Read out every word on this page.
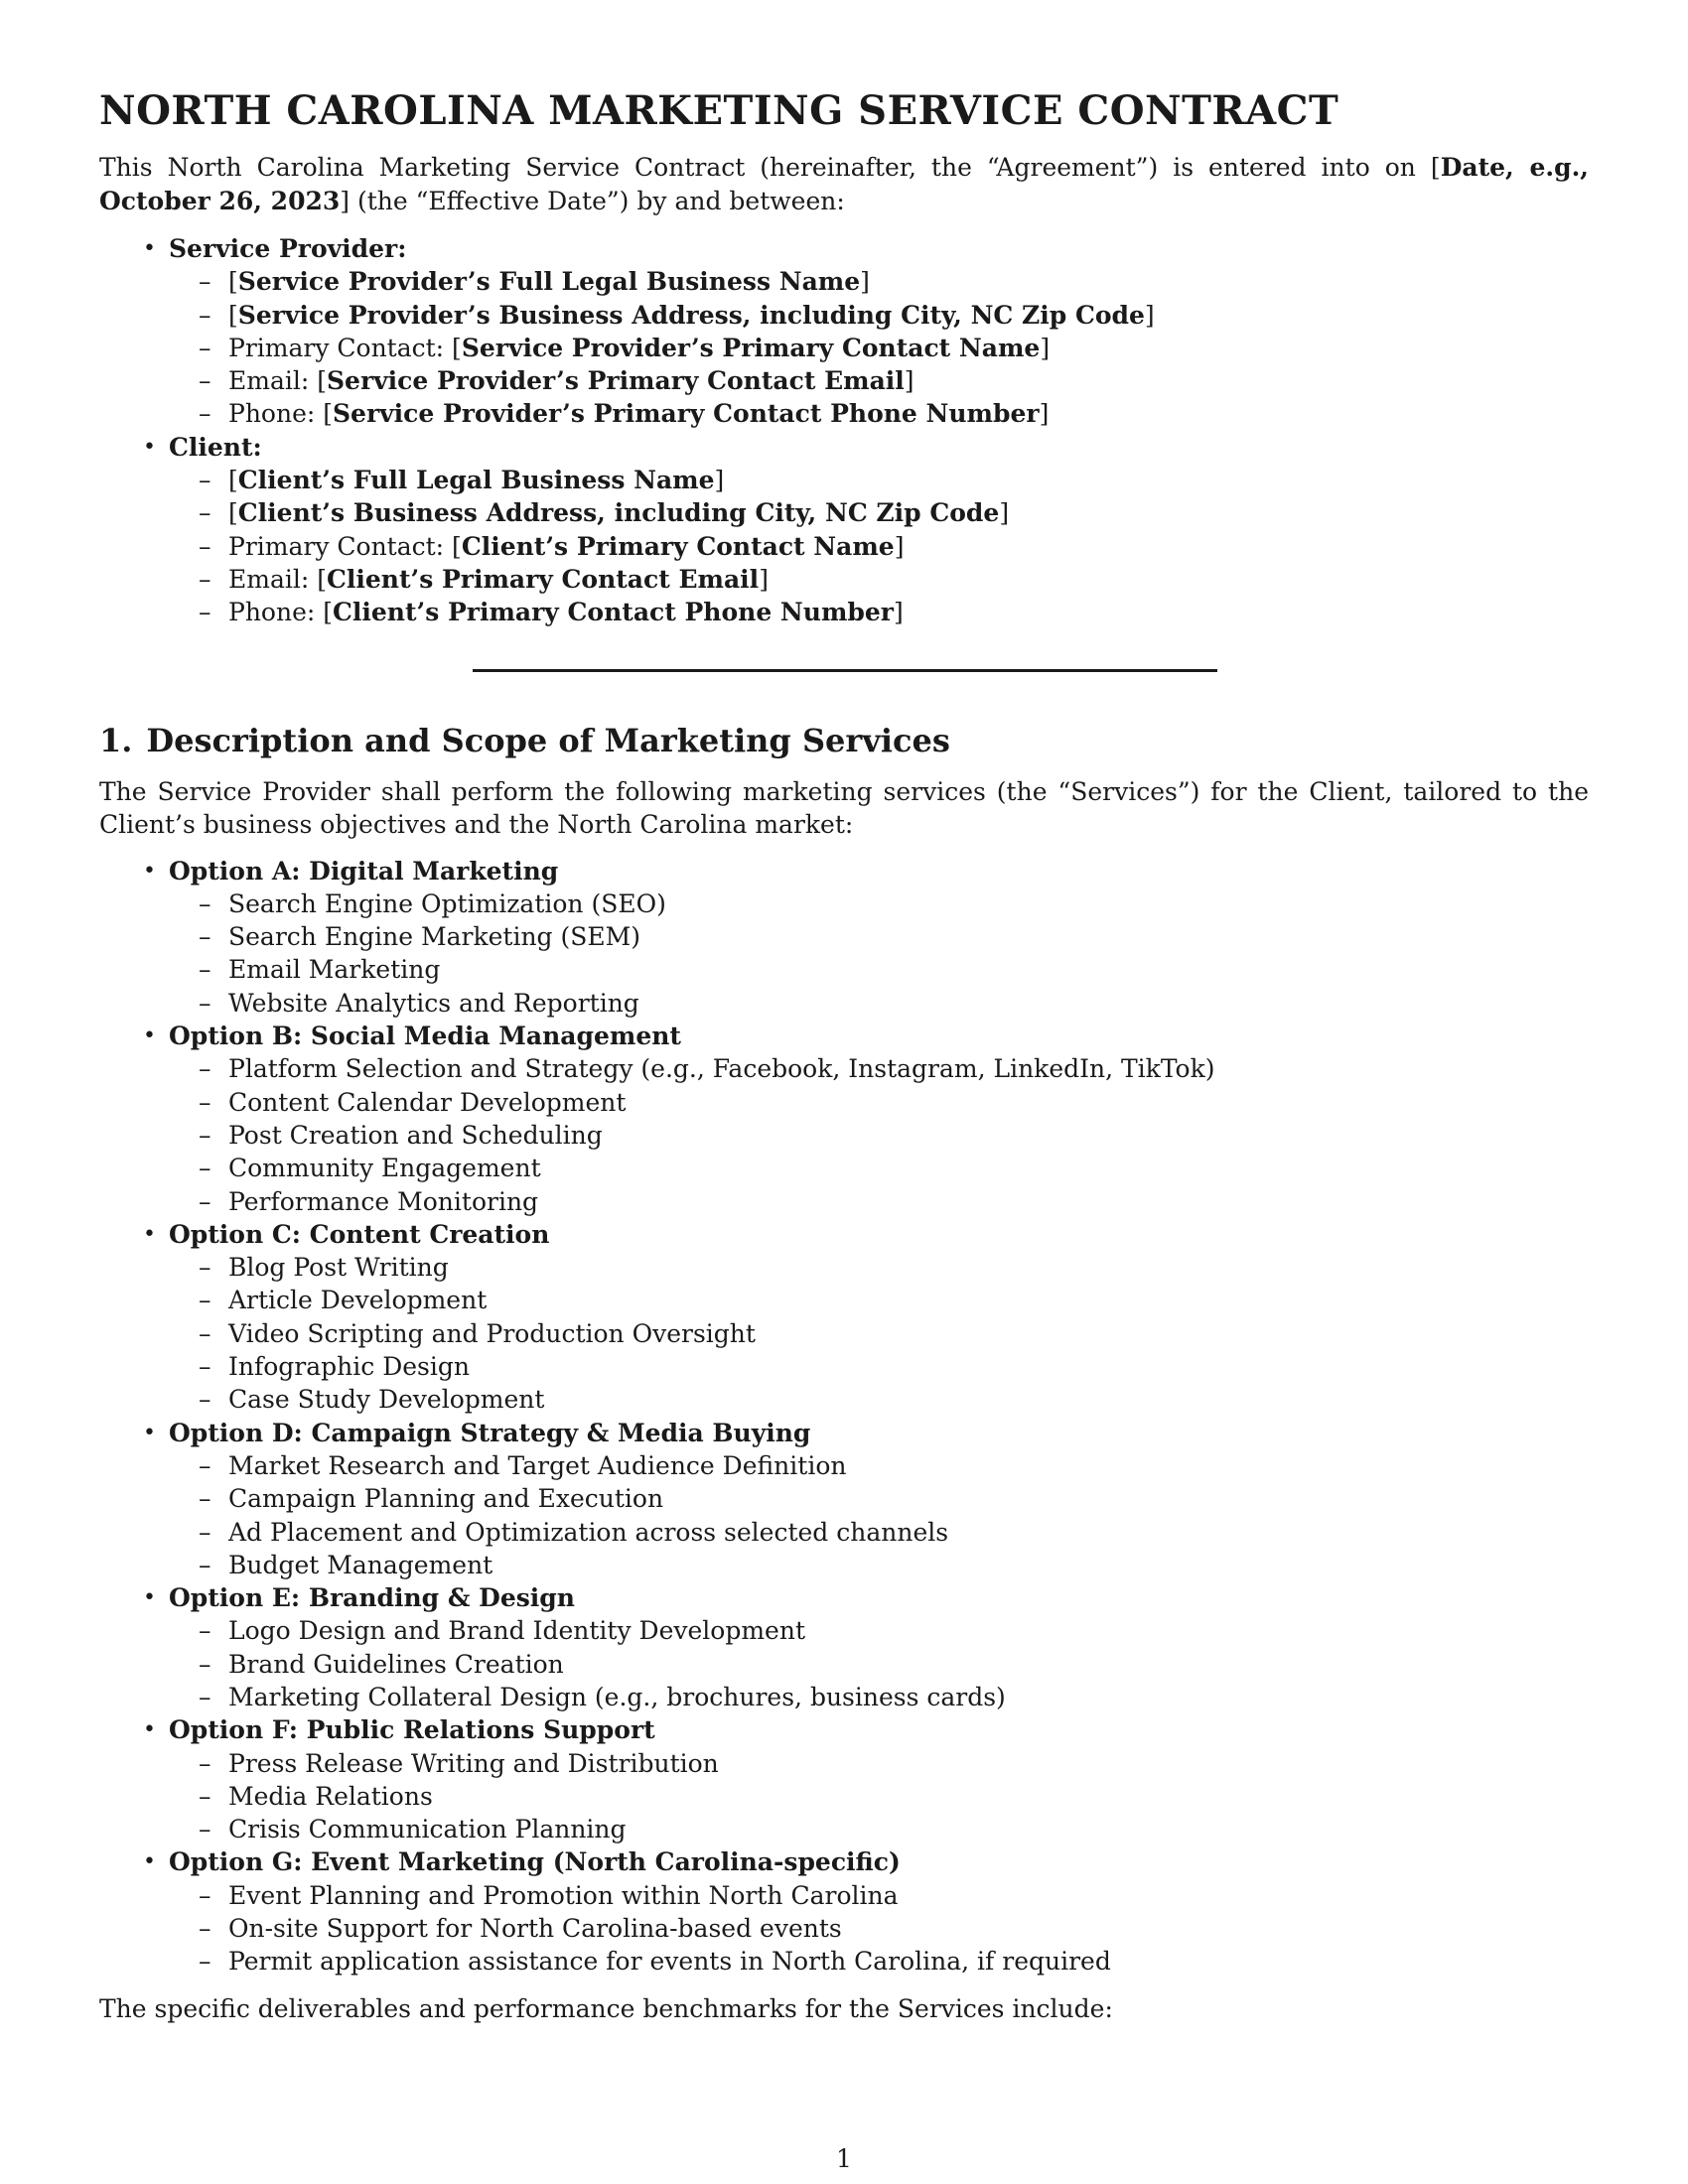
NORTH CAROLINA MARKETING SERVICE CONTRACT

This North Carolina Marketing Service Contract (hereinafter, the “Agreement”) is entered into on [Date, e.g., October 26, 2023] (the “Effective Date”) by and between:

• Service Provider:
– [Service Provider’s Full Legal Business Name]
– [Service Provider’s Business Address, including City, NC Zip Code]
– Primary Contact: [Service Provider’s Primary Contact Name]
– Email: [Service Provider’s Primary Contact Email]
– Phone: [Service Provider’s Primary Contact Phone Number]
• Client:
– [Client’s Full Legal Business Name]
– [Client’s Business Address, including City, NC Zip Code]
– Primary Contact: [Client’s Primary Contact Name]
– Email: [Client’s Primary Contact Email]
– Phone: [Client’s Primary Contact Phone Number]
1. Description and Scope of Marketing Services

The Service Provider shall perform the following marketing services (the “Services”) for the Client, tailored to the Client’s business objectives and the North Carolina market:

• Option A: Digital Marketing
– Search Engine Optimization (SEO)
– Search Engine Marketing (SEM)
– Email Marketing
– Website Analytics and Reporting
• Option B: Social Media Management
– Platform Selection and Strategy (e.g., Facebook, Instagram, LinkedIn, TikTok)
– Content Calendar Development
– Post Creation and Scheduling
– Community Engagement
– Performance Monitoring
• Option C: Content Creation
– Blog Post Writing
– Article Development
– Video Scripting and Production Oversight
– Infographic Design
– Case Study Development
• Option D: Campaign Strategy & Media Buying
– Market Research and Target Audience Definition
– Campaign Planning and Execution
– Ad Placement and Optimization across selected channels
– Budget Management
• Option E: Branding & Design
– Logo Design and Brand Identity Development
– Brand Guidelines Creation
– Marketing Collateral Design (e.g., brochures, business cards)
• Option F: Public Relations Support
– Press Release Writing and Distribution
– Media Relations
– Crisis Communication Planning
• Option G: Event Marketing (North Carolina-specific)
– Event Planning and Promotion within North Carolina
– On-site Support for North Carolina-based events
– Permit application assistance for events in North Carolina, if required

The specific deliverables and performance benchmarks for the Services include:

1
